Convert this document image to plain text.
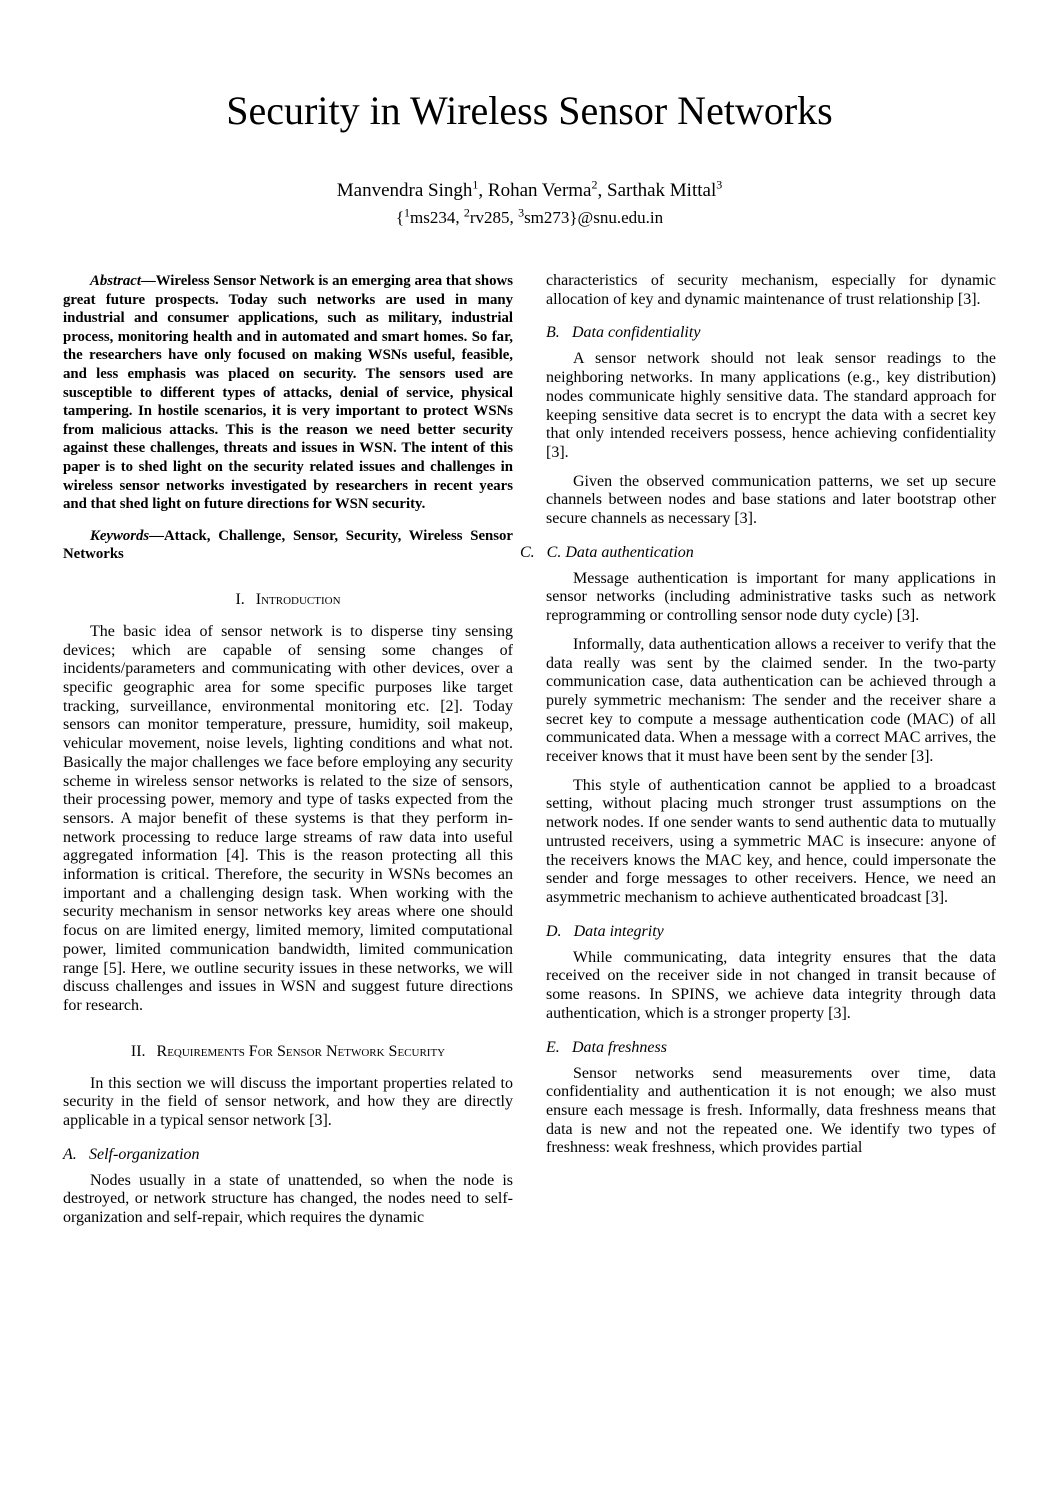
Security in Wireless Sensor Networks

Manvendra Singh$^1$, Rohan Verma$^2$, Sarthak Mittal$^3$

{$^1$ms234, $^2$rv285, $^3$sm273}@snu.edu.in

Abstract—Wireless Sensor Network is an emerging area that shows great future prospects. Today such networks are used in many industrial and consumer applications, such as military, industrial process, monitoring health and in automated and smart homes. So far, the researchers have only focused on making WSNs useful, feasible, and less emphasis was placed on security. The sensors used are susceptible to different types of attacks, denial of service, physical tampering. In hostile scenarios, it is very important to protect WSNs from malicious attacks. This is the reason we need better security against these challenges, threats and issues in WSN. The intent of this paper is to shed light on the security related issues and challenges in wireless sensor networks investigated by researchers in recent years and that shed light on future directions for WSN security.

Keywords—Attack, Challenge, Sensor, Security, Wireless Sensor Networks

I. Introduction

The basic idea of sensor network is to disperse tiny sensing devices; which are capable of sensing some changes of incidents/parameters and communicating with other devices, over a specific geographic area for some specific purposes like target tracking, surveillance, environmental monitoring etc. [2]. Today sensors can monitor temperature, pressure, humidity, soil makeup, vehicular movement, noise levels, lighting conditions and what not. Basically the major challenges we face before employing any security scheme in wireless sensor networks is related to the size of sensors, their processing power, memory and type of tasks expected from the sensors. A major benefit of these systems is that they perform in-network processing to reduce large streams of raw data into useful aggregated information [4]. This is the reason protecting all this information is critical. Therefore, the security in WSNs becomes an important and a challenging design task. When working with the security mechanism in sensor networks key areas where one should focus on are limited energy, limited memory, limited computational power, limited communication bandwidth, limited communication range [5]. Here, we outline security issues in these networks, we will discuss challenges and issues in WSN and suggest future directions for research.

II. Requirements For Sensor Network Security

In this section we will discuss the important properties related to security in the field of sensor network, and how they are directly applicable in a typical sensor network [3].

A. Self-organization

Nodes usually in a state of unattended, so when the node is destroyed, or network structure has changed, the nodes need to self-organization and self-repair, which requires the dynamic

characteristics of security mechanism, especially for dynamic allocation of key and dynamic maintenance of trust relationship [3].

B. Data confidentiality

A sensor network should not leak sensor readings to the neighboring networks. In many applications (e.g., key distribution) nodes communicate highly sensitive data. The standard approach for keeping sensitive data secret is to encrypt the data with a secret key that only intended receivers possess, hence achieving confidentiality [3].

Given the observed communication patterns, we set up secure channels between nodes and base stations and later bootstrap other secure channels as necessary [3].

C. C. Data authentication

Message authentication is important for many applications in sensor networks (including administrative tasks such as network reprogramming or controlling sensor node duty cycle) [3].

Informally, data authentication allows a receiver to verify that the data really was sent by the claimed sender. In the two-party communication case, data authentication can be achieved through a purely symmetric mechanism: The sender and the receiver share a secret key to compute a message authentication code (MAC) of all communicated data. When a message with a correct MAC arrives, the receiver knows that it must have been sent by the sender [3].

This style of authentication cannot be applied to a broadcast setting, without placing much stronger trust assumptions on the network nodes. If one sender wants to send authentic data to mutually untrusted receivers, using a symmetric MAC is insecure: anyone of the receivers knows the MAC key, and hence, could impersonate the sender and forge messages to other receivers. Hence, we need an asymmetric mechanism to achieve authenticated broadcast [3].

D. Data integrity

While communicating, data integrity ensures that the data received on the receiver side in not changed in transit because of some reasons. In SPINS, we achieve data integrity through data authentication, which is a stronger property [3].

E. Data freshness

Sensor networks send measurements over time, data confidentiality and authentication it is not enough; we also must ensure each message is fresh. Informally, data freshness means that data is new and not the repeated one. We identify two types of freshness: weak freshness, which provides partial
